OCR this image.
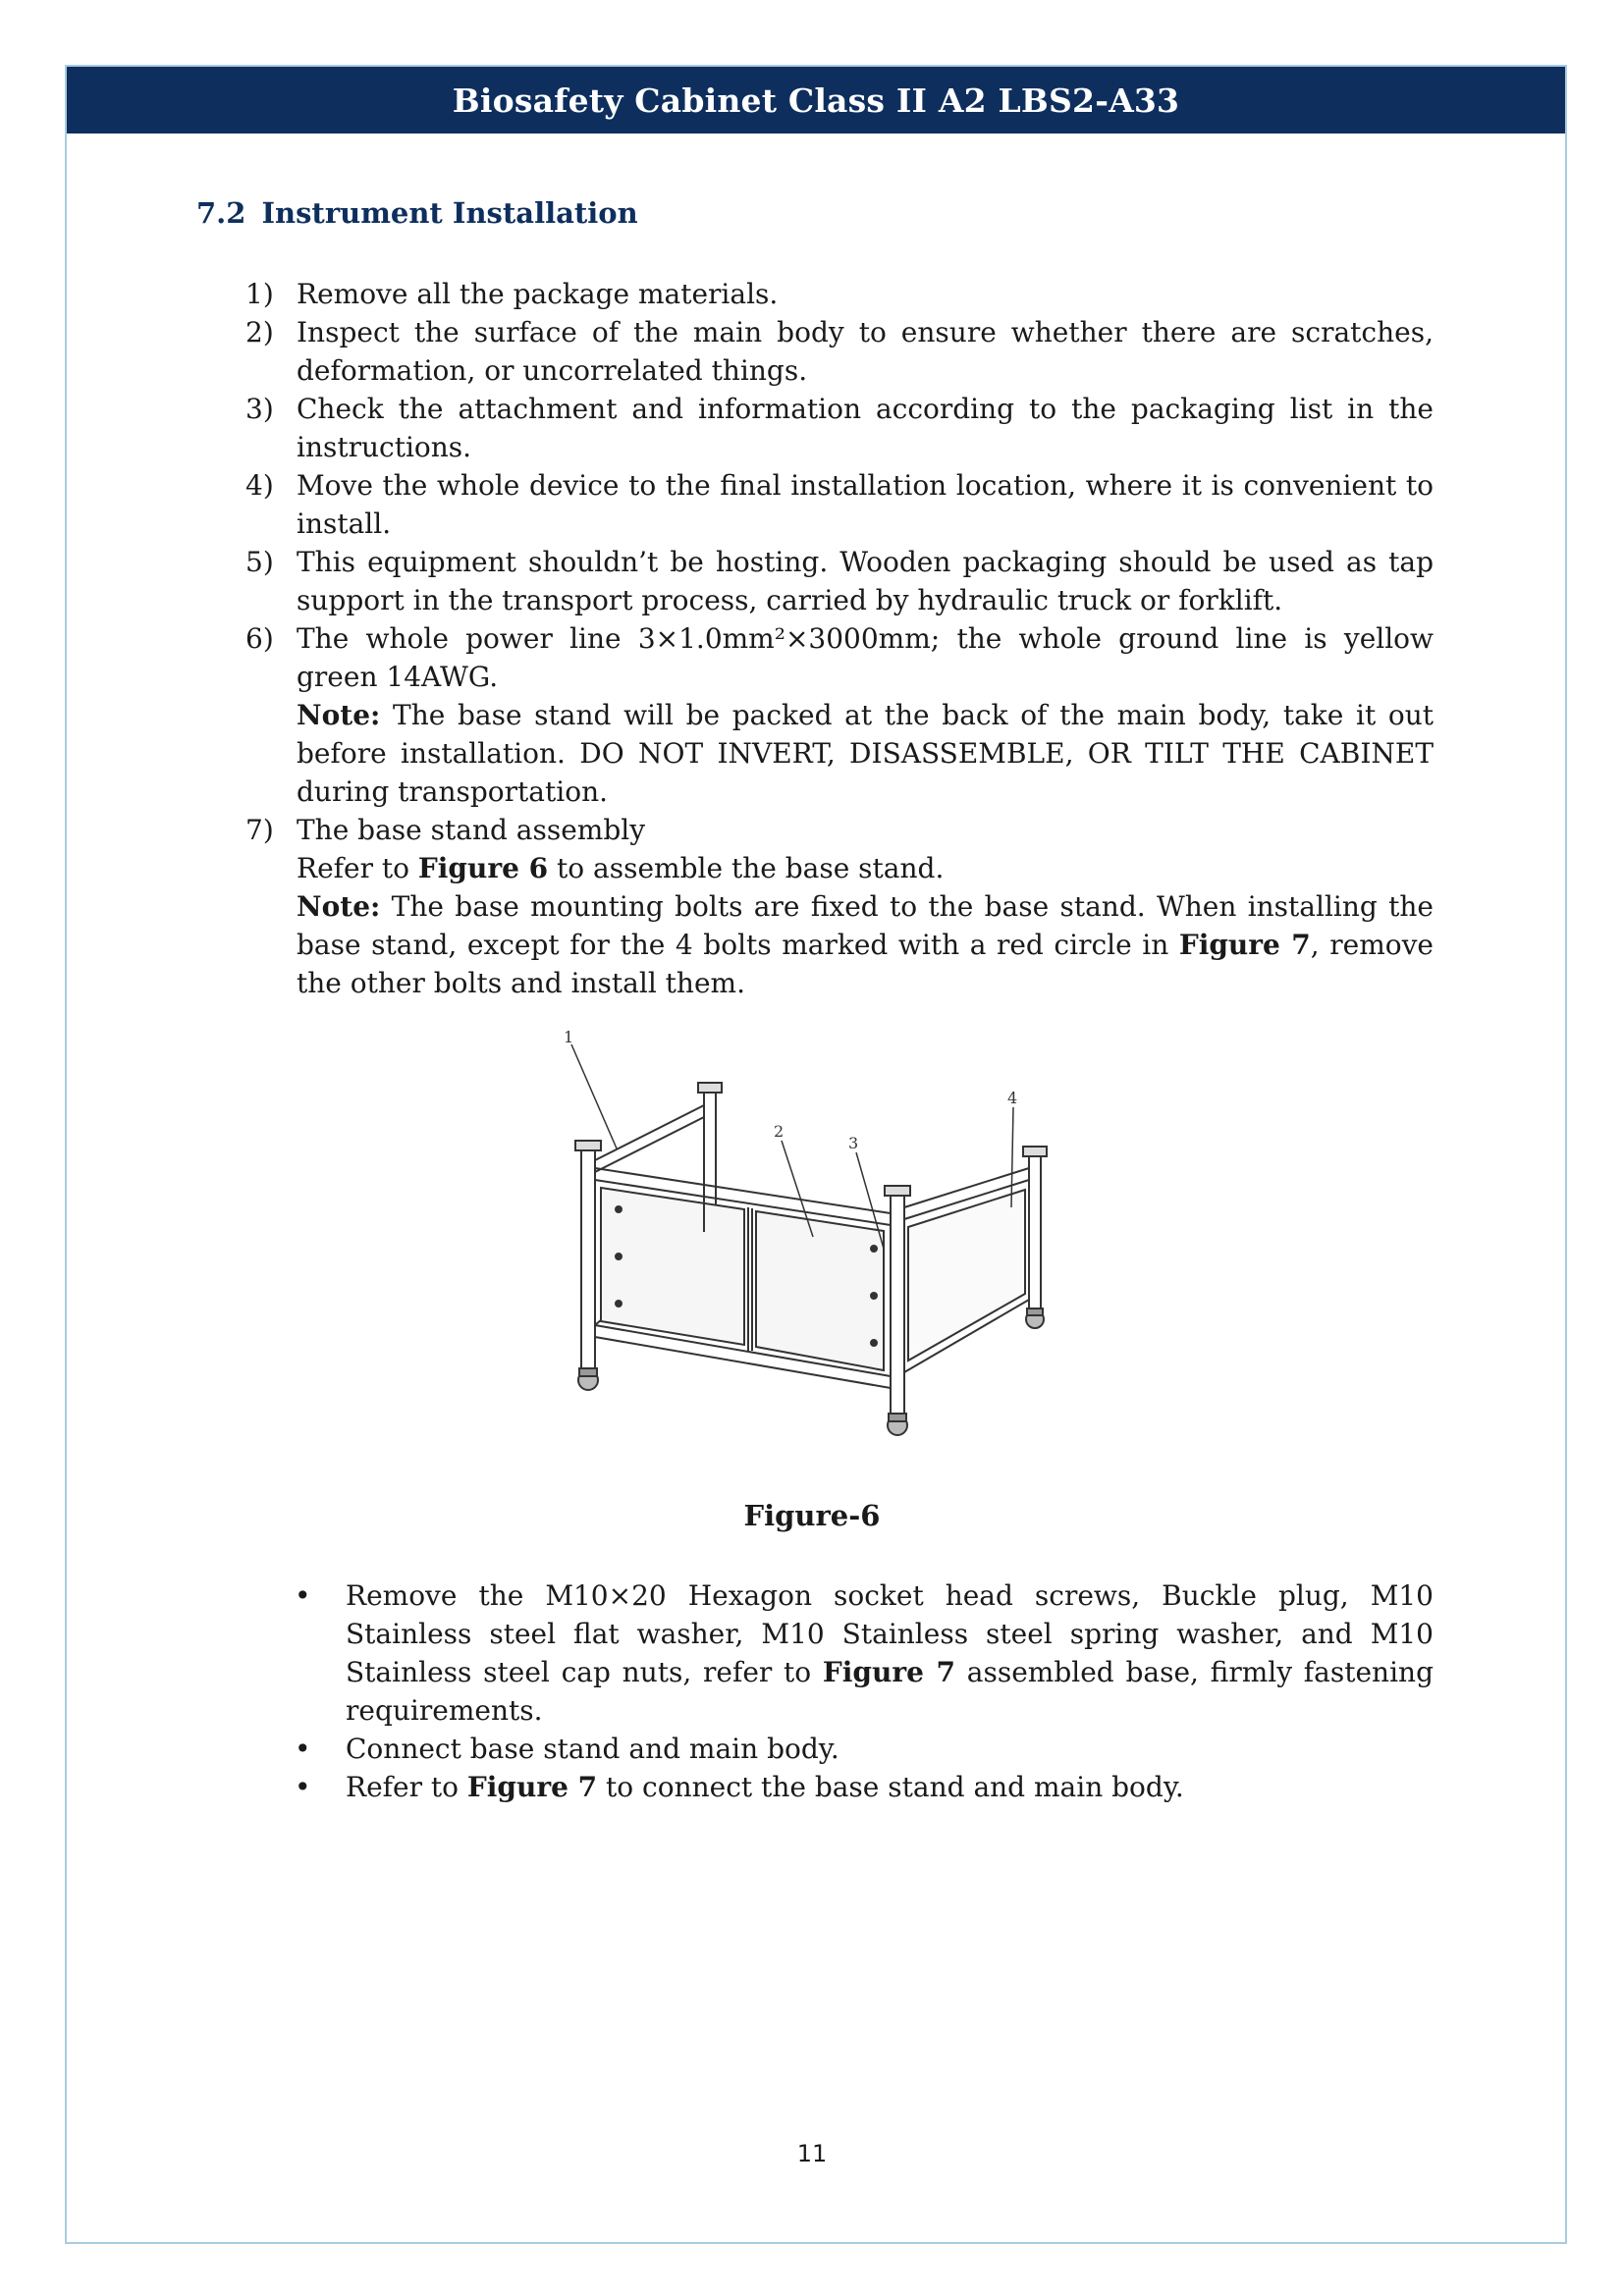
Biosafety Cabinet Class II A2 LBS2-A33
7.2 Instrument Installation
1) Remove all the package materials.
2) Inspect the surface of the main body to ensure whether there are scratches, deformation, or uncorrelated things.
3) Check the attachment and information according to the packaging list in the instructions.
4) Move the whole device to the final installation location, where it is convenient to install.
5) This equipment shouldn’t be hosting. Wooden packaging should be used as tap support in the transport process, carried by hydraulic truck or forklift.
6) The whole power line 3×1.0mm²×3000mm; the whole ground line is yellow green 14AWG.
Note: The base stand will be packed at the back of the main body, take it out before installation. DO NOT INVERT, DISASSEMBLE, OR TILT THE CABINET during transportation.
7) The base stand assembly
Refer to Figure 6 to assemble the base stand.
Note: The base mounting bolts are fixed to the base stand. When installing the base stand, except for the 4 bolts marked with a red circle in Figure 7, remove the other bolts and install them.
1
2
3
4
Figure-6
•
Remove the M10×20 Hexagon socket head screws, Buckle plug, M10 Stainless steel flat washer, M10 Stainless steel spring washer, and M10 Stainless steel cap nuts, refer to Figure 7 assembled base, firmly fastening requirements.
•
Connect base stand and main body.
•
Refer to Figure 7 to connect the base stand and main body.
11
